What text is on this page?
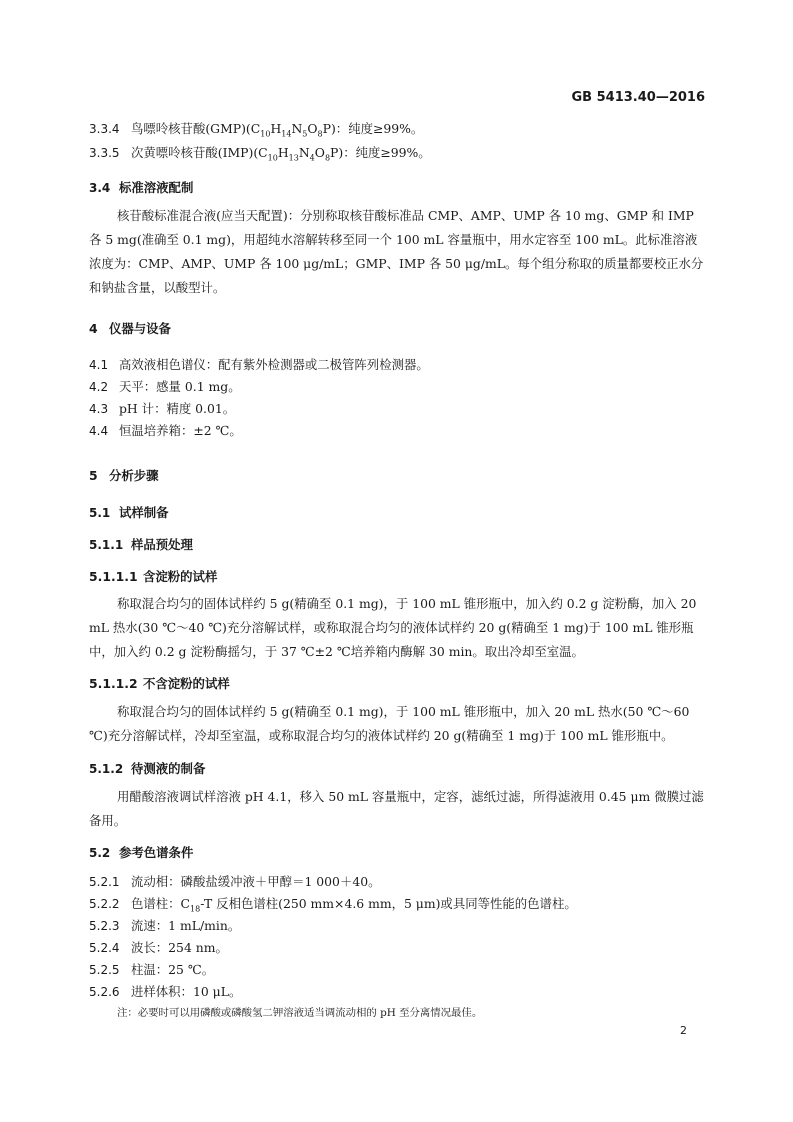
GB 5413.40—2016
3.3.4 鸟嘌呤核苷酸$(GMP)(C_{10}H_{14}N_5O_8P)$：纯度≥99%。
3.3.5 次黄嘌呤核苷酸$(IMP)(C_{10}H_{13}N_4O_8P)$：纯度≥99%。
3.4 标准溶液配制
核苷酸标准混合液(应当天配置)：分别称取核苷酸标准品 CMP、AMP、UMP 各 10 mg、GMP 和 IMP 各 5 mg(准确至 0.1 mg)，用超纯水溶解转移至同一个 100 mL 容量瓶中，用水定容至 100 mL。此标准溶液浓度为：CMP、AMP、UMP 各 100 μg/mL；GMP、IMP 各 50 μg/mL。每个组分称取的质量都要校正水分和钠盐含量，以酸型计。
4 仪器与设备
4.1 高效液相色谱仪：配有紫外检测器或二极管阵列检测器。
4.2 天平：感量 0.1 mg。
4.3 pH 计：精度 0.01。
4.4 恒温培养箱：±2 ℃。
5 分析步骤
5.1 试样制备
5.1.1 样品预处理
5.1.1.1 含淀粉的试样
称取混合均匀的固体试样约 5 g(精确至 0.1 mg)，于 100 mL 锥形瓶中，加入约 0.2 g 淀粉酶，加入 20 mL 热水(30 ℃～40 ℃)充分溶解试样，或称取混合均匀的液体试样约 20 g(精确至 1 mg)于 100 mL 锥形瓶中，加入约 0.2 g 淀粉酶摇匀，于 37 ℃±2 ℃培养箱内酶解 30 min。取出冷却至室温。
5.1.1.2 不含淀粉的试样
称取混合均匀的固体试样约 5 g(精确至 0.1 mg)，于 100 mL 锥形瓶中，加入 20 mL 热水(50 ℃～60 ℃)充分溶解试样，冷却至室温，或称取混合均匀的液体试样约 20 g(精确至 1 mg)于 100 mL 锥形瓶中。
5.1.2 待测液的制备
用醋酸溶液调试样溶液 pH 4.1，移入 50 mL 容量瓶中，定容，滤纸过滤，所得滤液用 0.45 μm 微膜过滤备用。
5.2 参考色谱条件
5.2.1 流动相：磷酸盐缓冲液＋甲醇＝1 000＋40。
5.2.2 色谱柱：$C_{18}-T$ 反相色谱柱(250 mm×4.6 mm，5 μm)或具同等性能的色谱柱。
5.2.3 流速：1 mL/min。
5.2.4 波长：254 nm。
5.2.5 柱温：25 ℃。
5.2.6 进样体积：10 μL。
注：必要时可以用磷酸或磷酸氢二钾溶液适当调流动相的 pH 至分离情况最佳。
2
